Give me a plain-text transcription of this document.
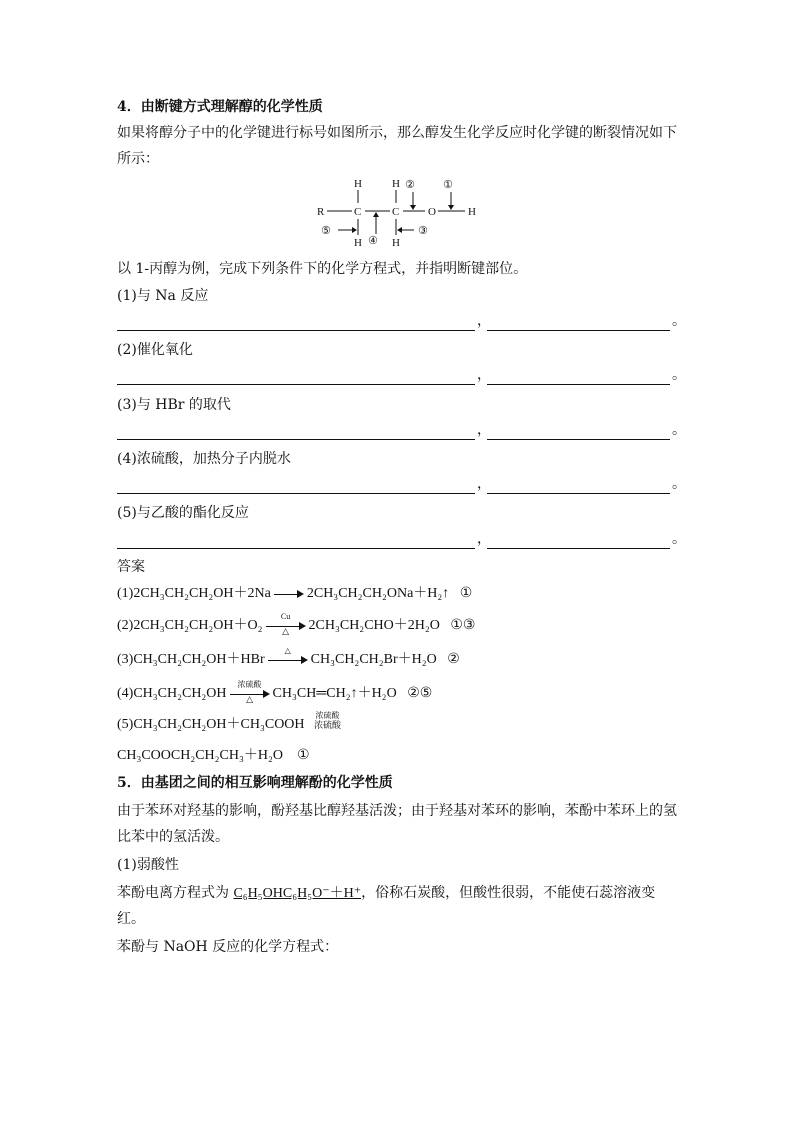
4．由断键方式理解醇的化学性质
如果将醇分子中的化学键进行标号如图所示，那么醇发生化学反应时化学键的断裂情况如下
所示：
R
H	H
C	C	O	H
H	H
②	①
⑤
④
③
以 1-丙醇为例，完成下列条件下的化学方程式，并指明断键部位。
(1)与 Na 反应
，	。
(2)催化氧化
，	。
(3)与 HBr 的取代
，	。
(4)浓硫酸，加热分子内脱水
，	。
(5)与乙酸的酯化反应
，	。
答案
(1)2CH₃CH₂CH₂OH＋2Na	2CH₃CH₂CH₂ONa＋H₂↑ ①
(2)2CH₃CH₂CH₂OH＋O₂
Cu
△	2CH₃CH₂CHO＋2H₂O ①③
(3)CH₃CH₂CH₂OH＋HBr
△
CH₃CH₂CH₂Br＋H₂O ②
(4)CH₃CH₂CH₂OH
浓硫酸
△	CH₃CH═CH₂↑＋H₂O ②⑤
(5)CH₃CH₂CH₂OH＋CH₃COOH
浓硫酸
浓硫酸
CH₃COOCH₂CH₂CH₃＋H₂O ①
5．由基团之间的相互影响理解酚的化学性质
由于苯环对羟基的影响，酚羟基比醇羟基活泼；由于羟基对苯环的影响，苯酚中苯环上的氢
比苯中的氢活泼。
(1)弱酸性
苯酚电离方程式为 C₆H₅OHC₆H₅O⁻＋H⁺，俗称石炭酸，但酸性很弱，不能使石蕊溶液变
红。
苯酚与 NaOH 反应的化学方程式：
